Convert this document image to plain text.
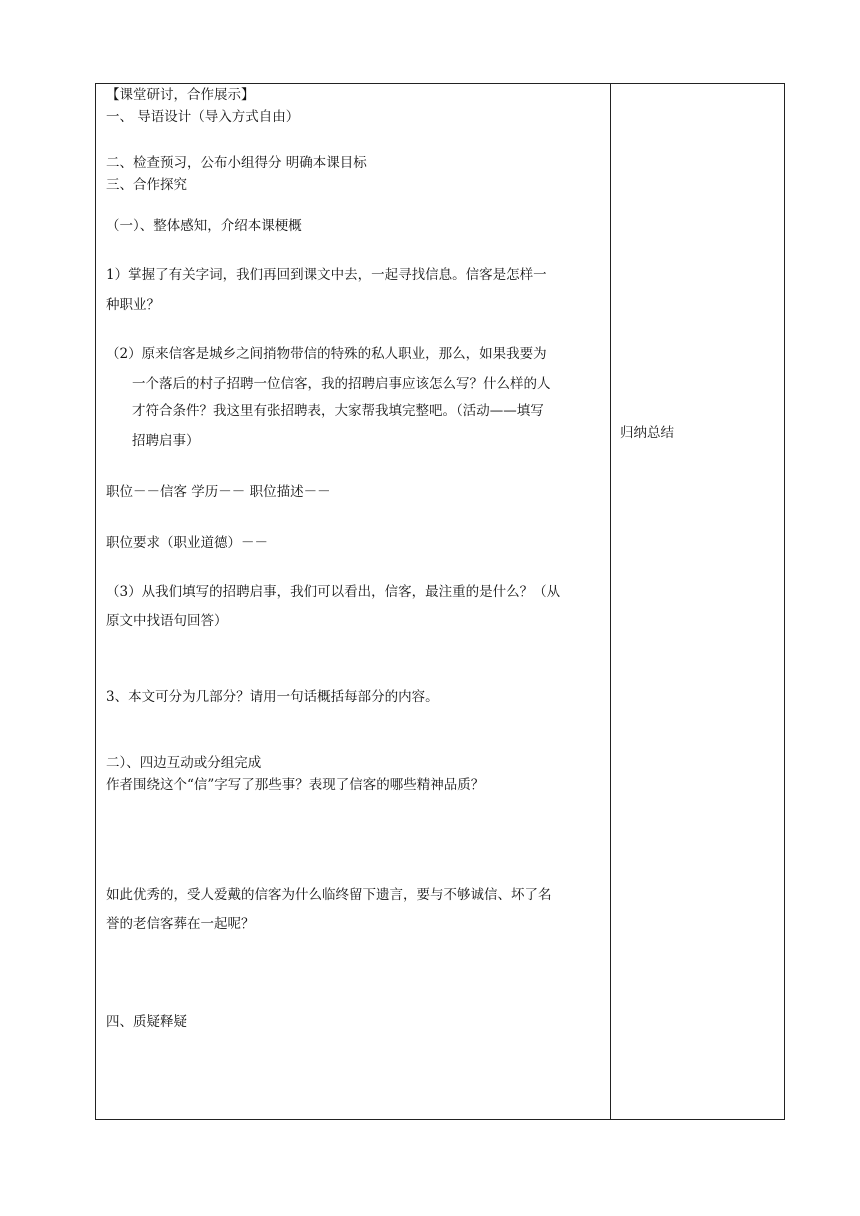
【课堂研讨，合作展示】
一、 导语设计（导入方式自由）
二、检查预习，公布小组得分 明确本课目标
三、合作探究
（一）、整体感知，介绍本课梗概
1）掌握了有关字词，我们再回到课文中去，一起寻找信息。信客是怎样一
种职业？
（2）原来信客是城乡之间捎物带信的特殊的私人职业，那么，如果我要为
一个落后的村子招聘一位信客，我的招聘启事应该怎么写？什么样的人
才符合条件？我这里有张招聘表，大家帮我填完整吧。（活动——填写
招聘启事）
职位－－信客 学历－－ 职位描述－－
职位要求（职业道德）－－
（3）从我们填写的招聘启事，我们可以看出，信客，最注重的是什么？（从
原文中找语句回答）
3、本文可分为几部分？请用一句话概括每部分的内容。
二）、四边互动或分组完成
作者围绕这个“信”字写了那些事？表现了信客的哪些精神品质？
如此优秀的，受人爱戴的信客为什么临终留下遗言，要与不够诚信、坏了名
誉的老信客葬在一起呢？
四、质疑释疑
归纳总结
